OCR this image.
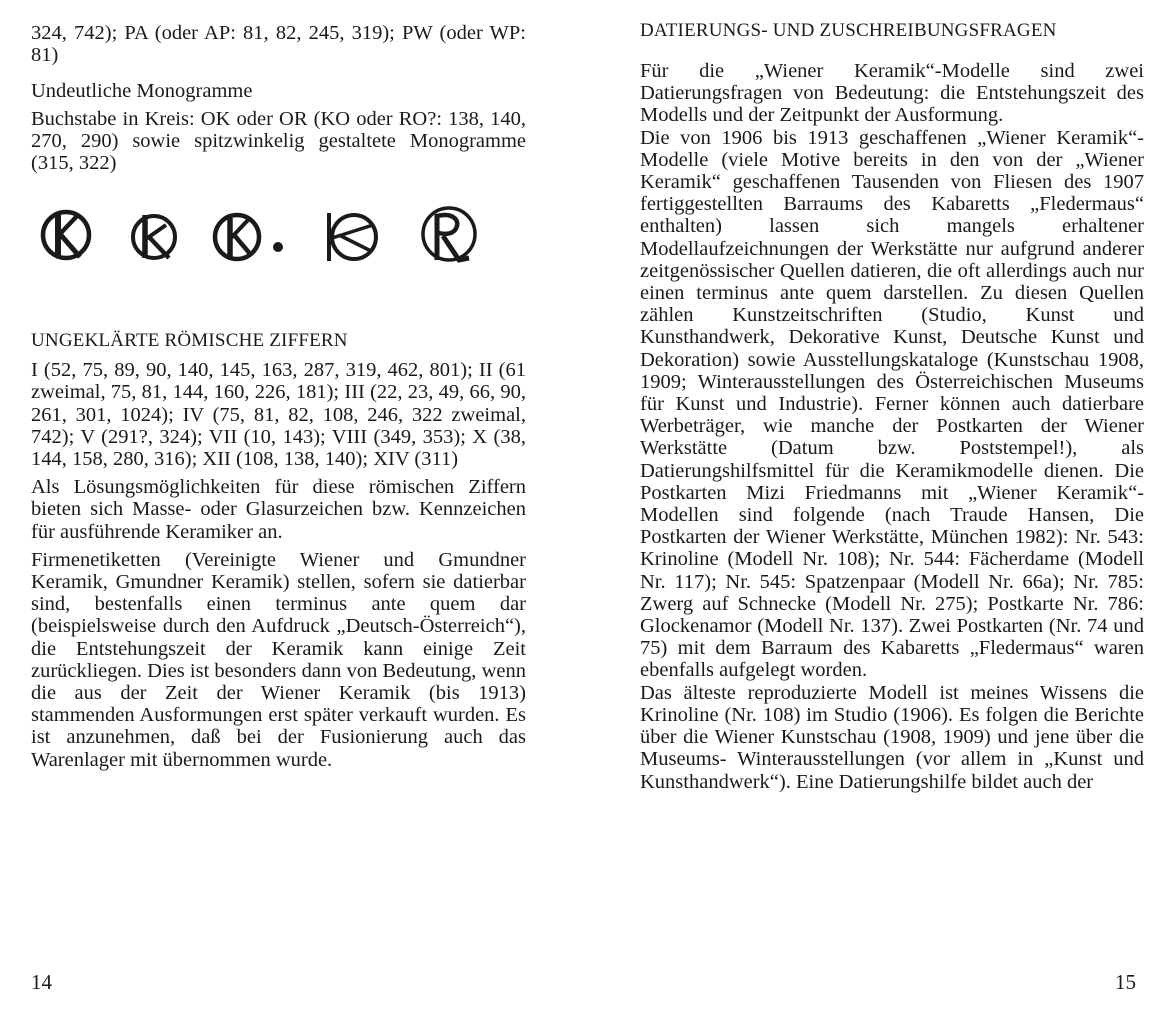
324, 742); PA (oder AP: 81, 82, 245, 319); PW (oder WP: 81)

Undeutliche Monogramme

Buchstabe in Kreis: OK oder OR (KO oder RO?: 138, 140, 270, 290) sowie spitzwinkelig gestaltete Monogramme (315, 322)

UNGEKLÄRTE RÖMISCHE ZIFFERN

I (52, 75, 89, 90, 140, 145, 163, 287, 319, 462, 801); II (61 zweimal, 75, 81, 144, 160, 226, 181); III (22, 23, 49, 66, 90, 261, 301, 1024); IV (75, 81, 82, 108, 246, 322 zweimal, 742); V (291?, 324); VII (10, 143); VIII (349, 353); X (38, 144, 158, 280, 316); XII (108, 138, 140); XIV (311)

Als Lösungsmöglichkeiten für diese römischen Ziffern bieten sich Masse- oder Glasurzeichen bzw. Kennzeichen für ausführende Keramiker an.

Firmenetiketten (Vereinigte Wiener und Gmundner Keramik, Gmundner Keramik) stellen, sofern sie datierbar sind, bestenfalls einen terminus ante quem dar (beispielsweise durch den Aufdruck „Deutsch-Österreich“), die Entstehungszeit der Keramik kann einige Zeit zurückliegen. Dies ist besonders dann von Bedeutung, wenn die aus der Zeit der Wiener Keramik (bis 1913) stammenden Ausformungen erst später verkauft wurden. Es ist anzunehmen, daß bei der Fusionierung auch das Warenlager mit übernommen wurde.

14

DATIERUNGS- UND ZUSCHREIBUNGSFRAGEN

Für die „Wiener Keramik“-Modelle sind zwei Datierungsfragen von Bedeutung: die Entstehungszeit des Modells und der Zeitpunkt der Ausformung.

Die von 1906 bis 1913 geschaffenen „Wiener Keramik“-Modelle (viele Motive bereits in den von der „Wiener Keramik“ geschaffenen Tausenden von Fliesen des 1907 fertiggestellten Barraums des Kabaretts „Fledermaus“ enthalten) lassen sich mangels erhaltener Modellaufzeichnungen der Werkstätte nur aufgrund anderer zeitgenössischer Quellen datieren, die oft allerdings auch nur einen terminus ante quem darstellen. Zu diesen Quellen zählen Kunstzeitschriften (Studio, Kunst und Kunsthandwerk, Dekorative Kunst, Deutsche Kunst und Dekoration) sowie Ausstellungskataloge (Kunstschau 1908, 1909; Winterausstellungen des Österreichischen Museums für Kunst und Industrie). Ferner können auch datierbare Werbeträger, wie manche der Postkarten der Wiener Werkstätte (Datum bzw. Poststempel!), als Datierungshilfsmittel für die Keramikmodelle dienen. Die Postkarten Mizi Friedmanns mit „Wiener Keramik“-Modellen sind folgende (nach Traude Hansen, Die Postkarten der Wiener Werkstätte, München 1982): Nr. 543: Krinoline (Modell Nr. 108); Nr. 544: Fächerdame (Modell Nr. 117); Nr. 545: Spatzenpaar (Modell Nr. 66a); Nr. 785: Zwerg auf Schnecke (Modell Nr. 275); Postkarte Nr. 786: Glockenamor (Modell Nr. 137). Zwei Postkarten (Nr. 74 und 75) mit dem Barraum des Kabaretts „Fledermaus“ waren ebenfalls aufgelegt worden.

Das älteste reproduzierte Modell ist meines Wissens die Krinoline (Nr. 108) im Studio (1906). Es folgen die Berichte über die Wiener Kunstschau (1908, 1909) und jene über die Museums- Winterausstellungen (vor allem in „Kunst und Kunsthandwerk“). Eine Datierungshilfe bildet auch der

15
